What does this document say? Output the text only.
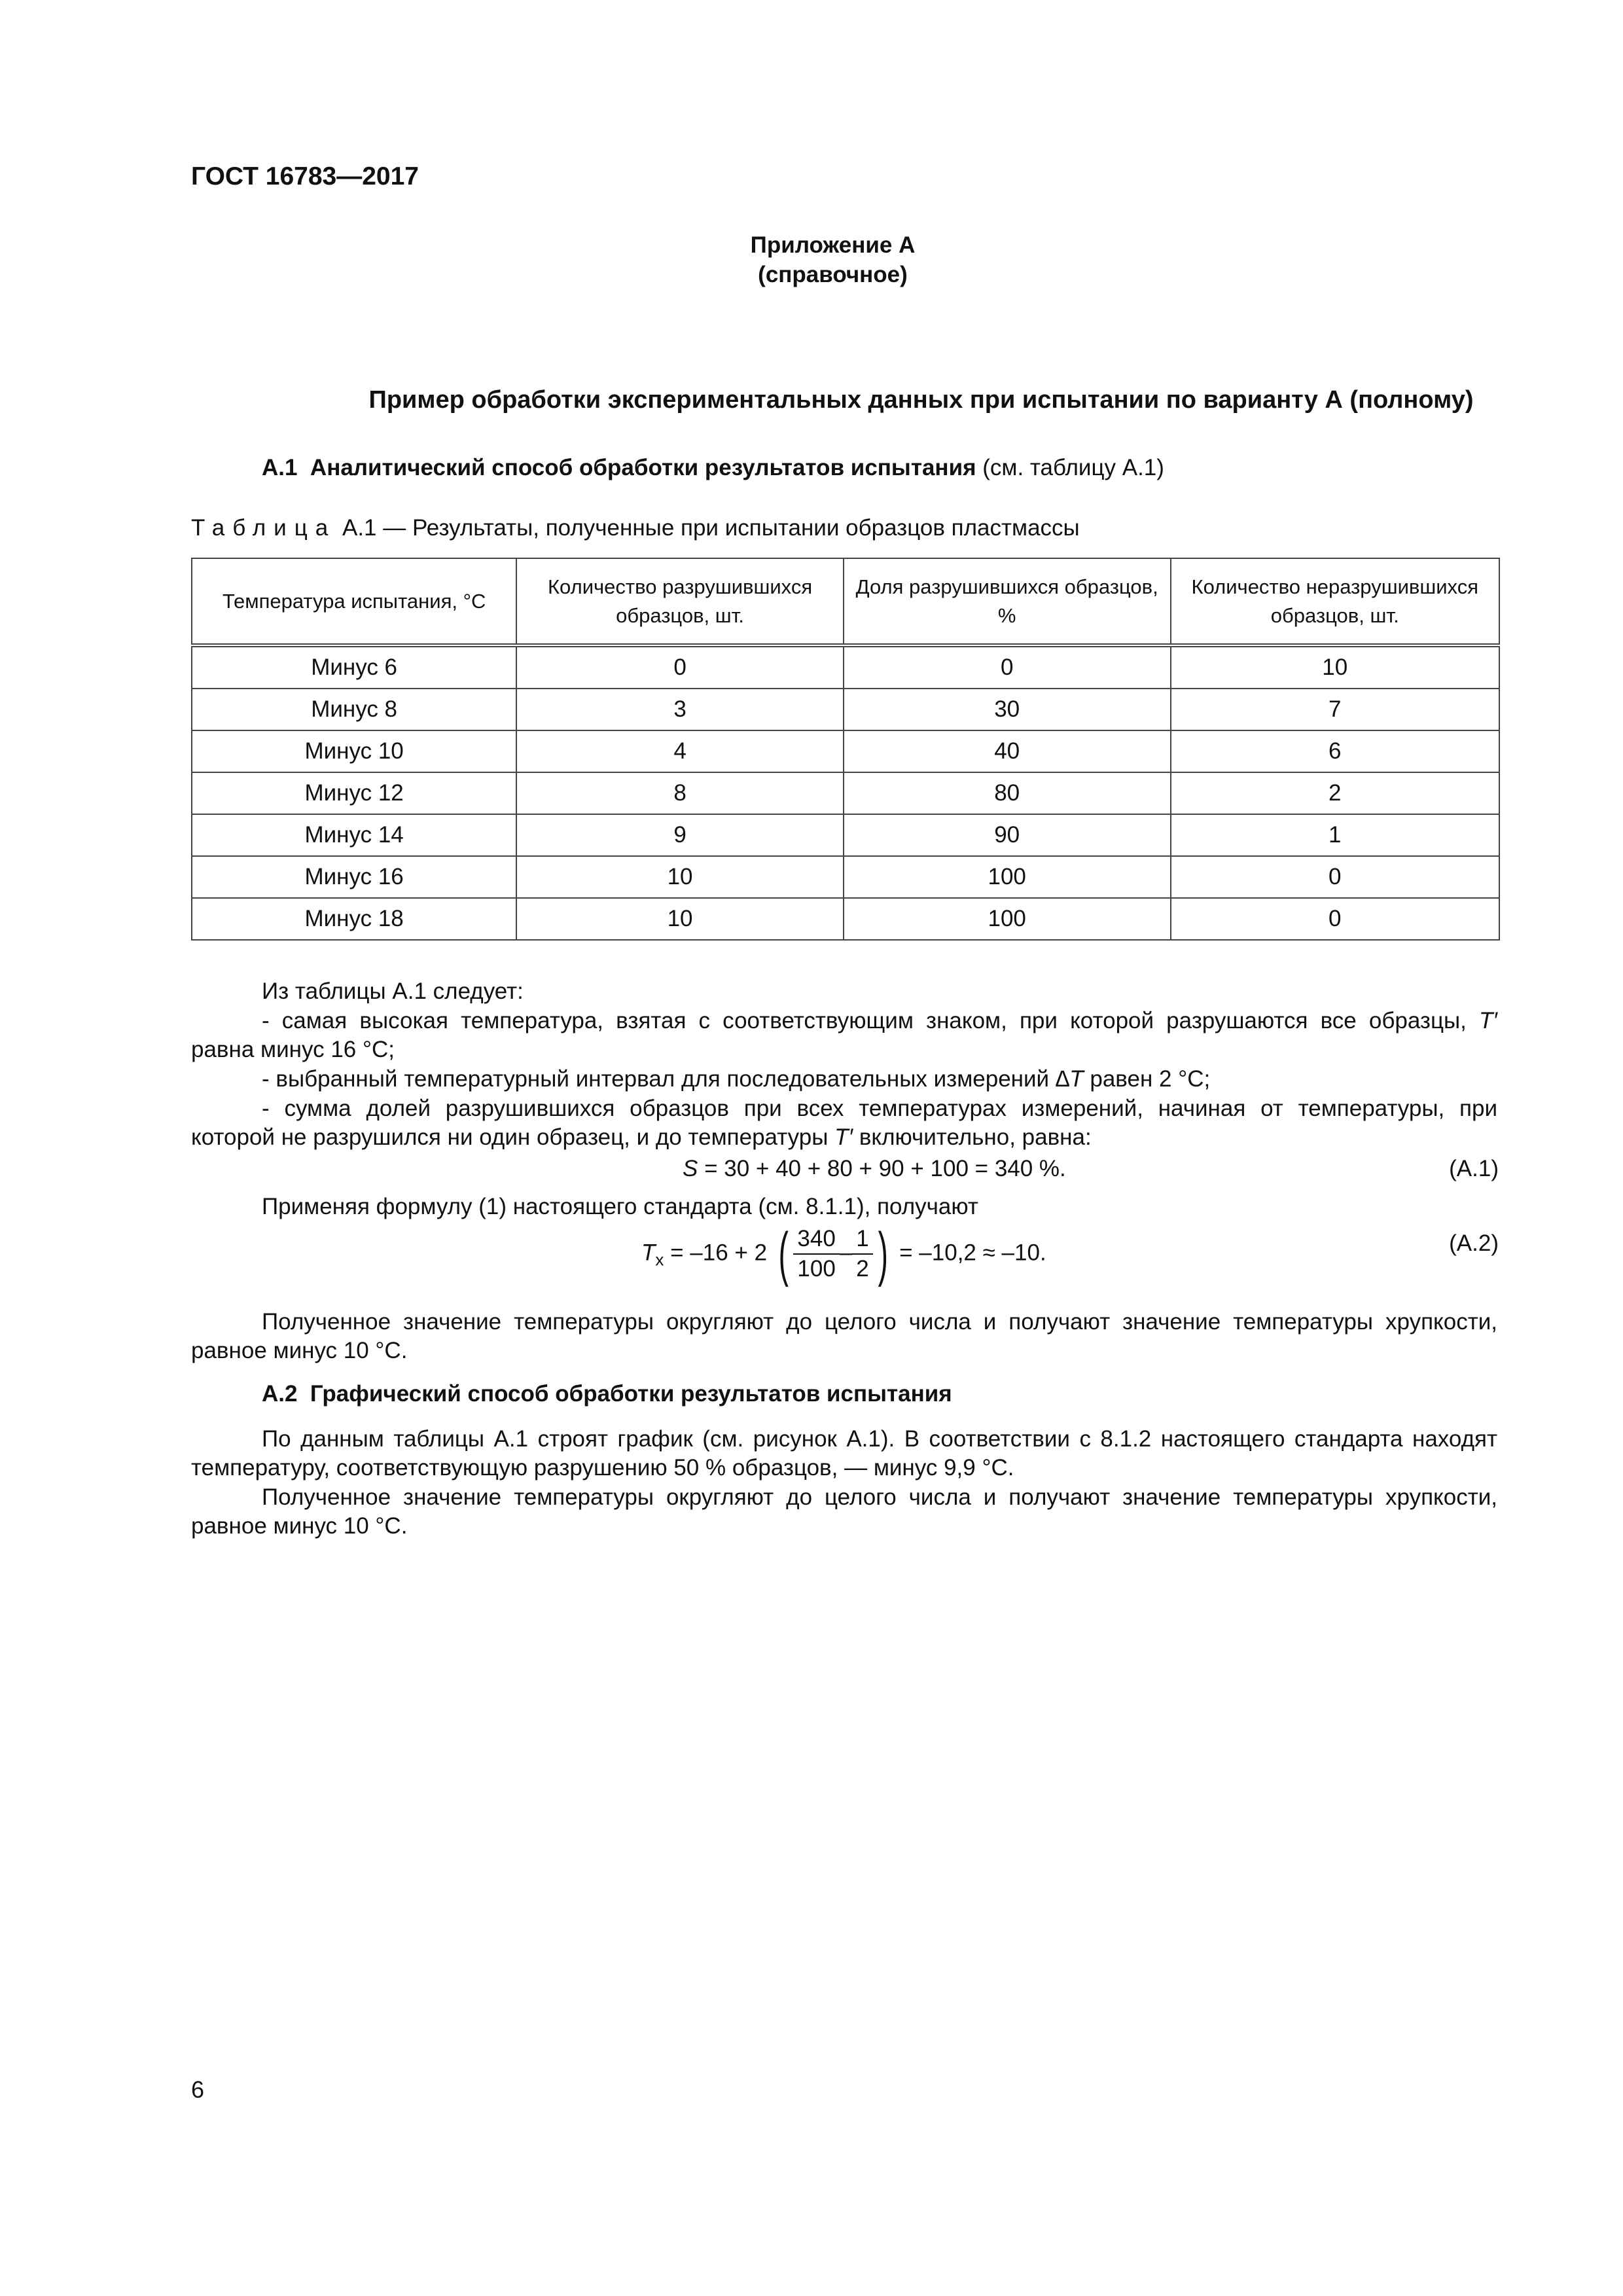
ГОСТ 16783—2017
Приложение А
(справочное)
Пример обработки экспериментальных данных при испытании по варианту А (полному)
А.1 Аналитический способ обработки результатов испытания (см. таблицу А.1)
Таблица А.1 — Результаты, полученные при испытании образцов пластмассы
Температура испытания, °С	Количество разрушившихся образцов, шт.	Доля разрушившихся образцов, %	Количество неразрушившихся образцов, шт.
Минус 6	0	0	10
Минус 8	3	30	7
Минус 10	4	40	6
Минус 12	8	80	2
Минус 14	9	90	1
Минус 16	10	100	0
Минус 18	10	100	0
Из таблицы А.1 следует:
- самая высокая температура, взятая с соответствующим знаком, при которой разрушаются все образцы, T′
равна минус 16 °С;
- выбранный температурный интервал для последовательных измерений ∆T равен 2 °С;
- сумма долей разрушившихся образцов при всех температурах измерений, начиная от температуры, при
которой не разрушился ни один образец, и до температуры T′ включительно, равна:
S = 30 + 40 + 80 + 90 + 100 = 340 %.	(А.1)
Применяя формулу (1) настоящего стандарта (см. 8.1.1), получают
$T_x = -16 + 2$ ( $\frac{340}{100} - \frac{1}{2}$ ) = –10,2 ≈ –10.	(А.2)
Полученное значение температуры округляют до целого числа и получают значение температуры хрупкости,
равное минус 10 °С.
А.2 Графический способ обработки результатов испытания
По данным таблицы А.1 строят график (см. рисунок А.1). В соответствии с 8.1.2 настоящего стандарта находят
температуру, соответствующую разрушению 50 % образцов, — минус 9,9 °С.
Полученное значение температуры округляют до целого числа и получают значение температуры хрупкости,
равное минус 10 °С.
6
